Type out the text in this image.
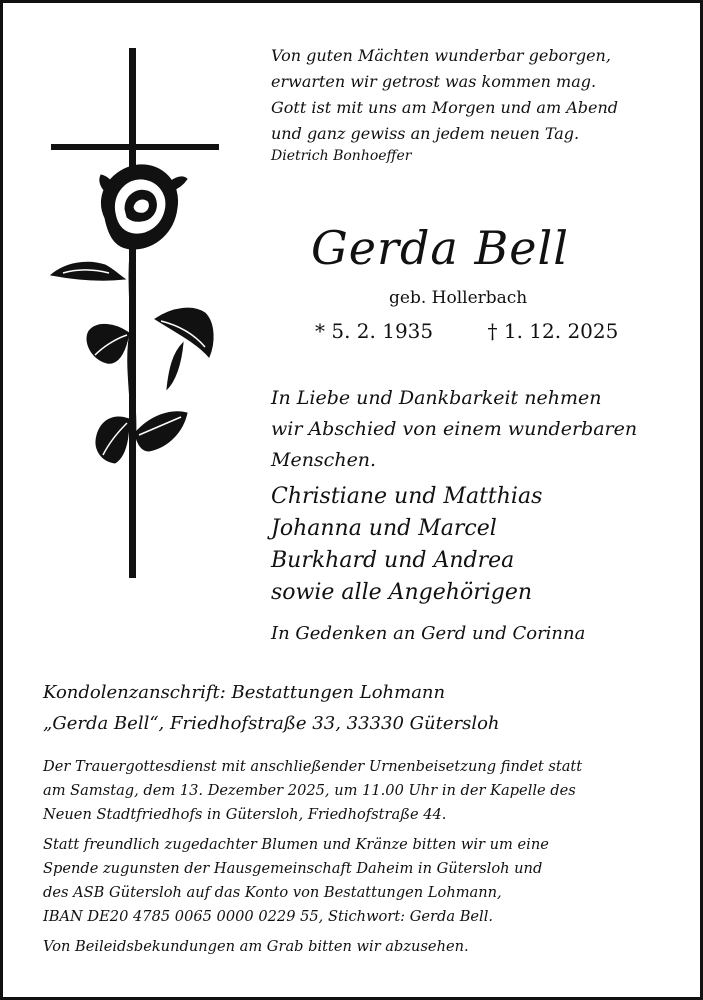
Von guten Mächten wunderbar geborgen,
erwarten wir getrost was kommen mag.
Gott ist mit uns am Morgen und am Abend
und ganz gewiss an jedem neuen Tag.
Dietrich Bonhoeffer
Gerda Bell
geb. Hollerbach
* 5. 2. 1935	† 1. 12. 2025
In Liebe und Dankbarkeit nehmen
wir Abschied von einem wunderbaren
Menschen.
Christiane und Matthias
Johanna und Marcel
Burkhard und Andrea
sowie alle Angehörigen
In Gedenken an Gerd und Corinna
Kondolenzanschrift: Bestattungen Lohmann
„Gerda Bell“, Friedhofstraße 33, 33330 Gütersloh
Der Trauergottesdienst mit anschließender Urnenbeisetzung findet statt
am Samstag, dem 13. Dezember 2025, um 11.00 Uhr in der Kapelle des
Neuen Stadtfriedhofs in Gütersloh, Friedhofstraße 44.
Statt freundlich zugedachter Blumen und Kränze bitten wir um eine
Spende zugunsten der Hausgemeinschaft Daheim in Gütersloh und
des ASB Gütersloh auf das Konto von Bestattungen Lohmann,
IBAN DE20 4785 0065 0000 0229 55, Stichwort: Gerda Bell.
Von Beileidsbekundungen am Grab bitten wir abzusehen.
